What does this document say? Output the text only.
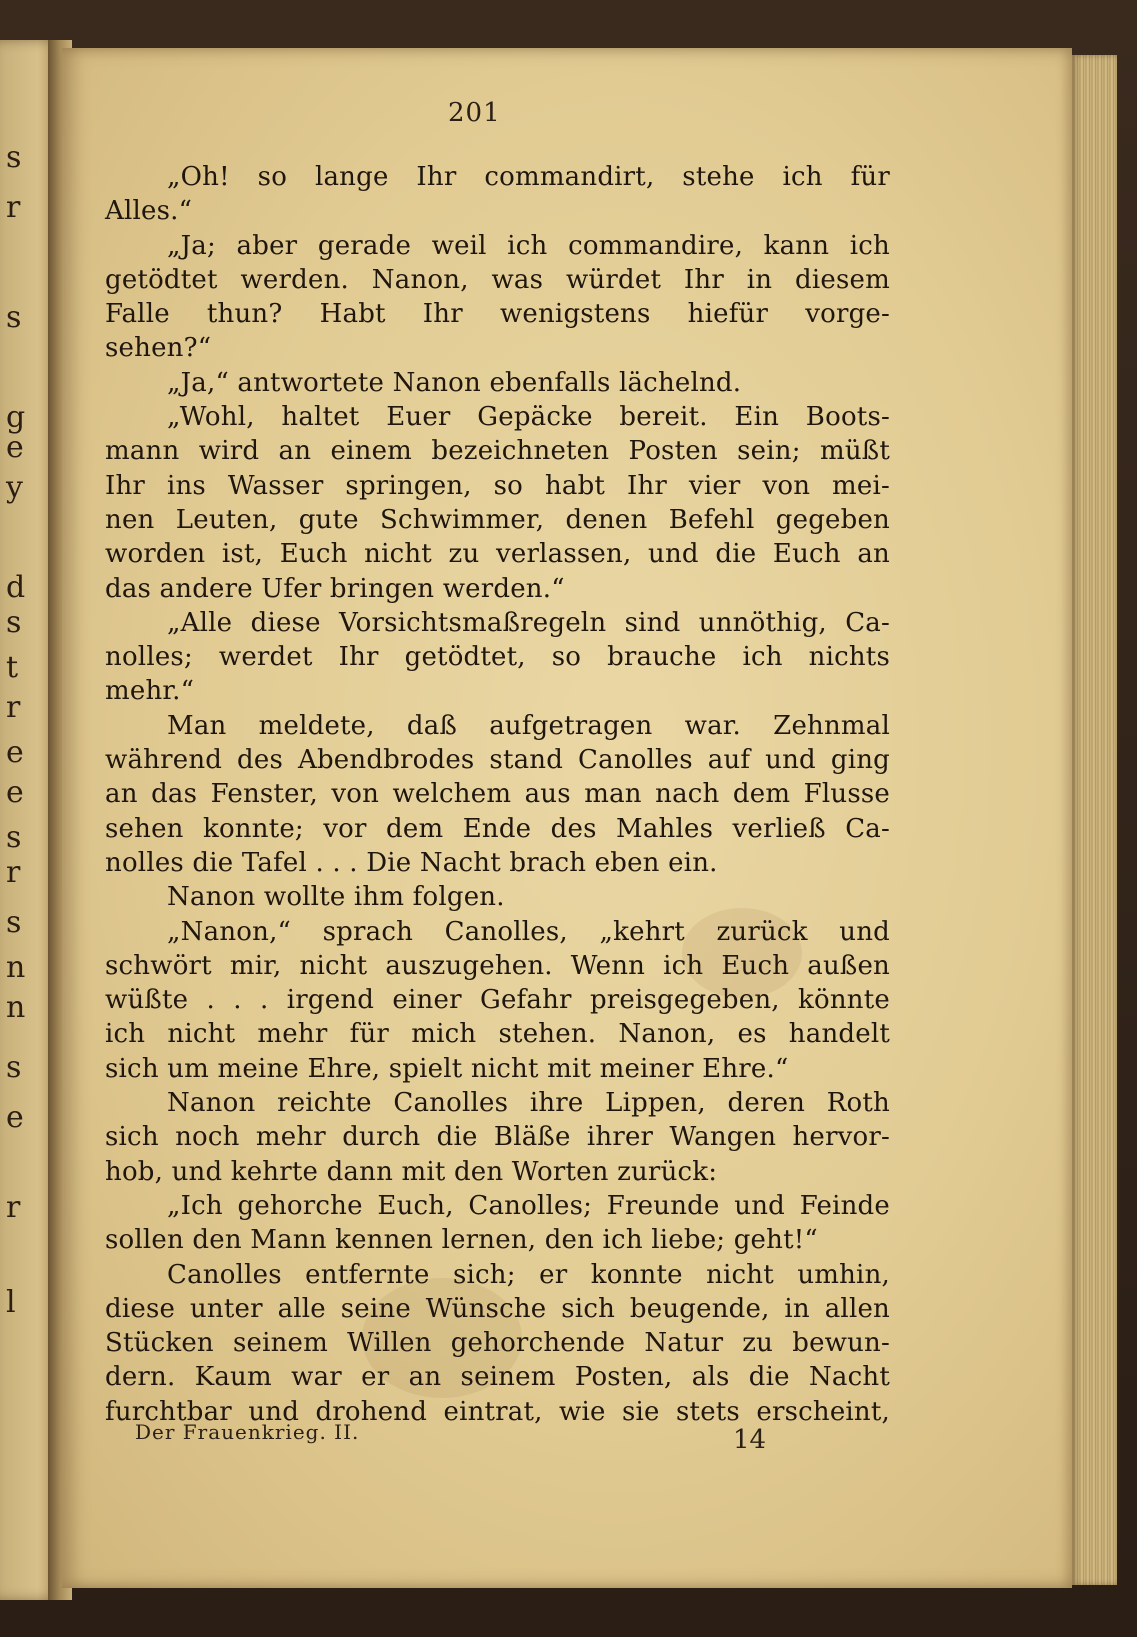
s
r
s
g
e
y
d
s
t
r
e
e
s
r
s
n
n
s
e
r
l
201
„Oh! so lange Ihr commandirt, stehe ich für
Alles.“
„Ja; aber gerade weil ich commandire, kann ich
getödtet werden. Nanon, was würdet Ihr in diesem
Falle thun? Habt Ihr wenigstens hiefür vorge-
sehen?“
„Ja,“ antwortete Nanon ebenfalls lächelnd.
„Wohl, haltet Euer Gepäcke bereit. Ein Boots-
mann wird an einem bezeichneten Posten sein; müßt
Ihr ins Wasser springen, so habt Ihr vier von mei-
nen Leuten, gute Schwimmer, denen Befehl gegeben
worden ist, Euch nicht zu verlassen, und die Euch an
das andere Ufer bringen werden.“
„Alle diese Vorsichtsmaßregeln sind unnöthig, Ca-
nolles; werdet Ihr getödtet, so brauche ich nichts
mehr.“
Man meldete, daß aufgetragen war. Zehnmal
während des Abendbrodes stand Canolles auf und ging
an das Fenster, von welchem aus man nach dem Flusse
sehen konnte; vor dem Ende des Mahles verließ Ca-
nolles die Tafel . . . Die Nacht brach eben ein.
Nanon wollte ihm folgen.
„Nanon,“ sprach Canolles, „kehrt zurück und
schwört mir, nicht auszugehen. Wenn ich Euch außen
wüßte . . . irgend einer Gefahr preisgegeben, könnte
ich nicht mehr für mich stehen. Nanon, es handelt
sich um meine Ehre, spielt nicht mit meiner Ehre.“
Nanon reichte Canolles ihre Lippen, deren Roth
sich noch mehr durch die Bläße ihrer Wangen hervor-
hob, und kehrte dann mit den Worten zurück:
„Ich gehorche Euch, Canolles; Freunde und Feinde
sollen den Mann kennen lernen, den ich liebe; geht!“
Canolles entfernte sich; er konnte nicht umhin,
diese unter alle seine Wünsche sich beugende, in allen
Stücken seinem Willen gehorchende Natur zu bewun-
dern. Kaum war er an seinem Posten, als die Nacht
furchtbar und drohend eintrat, wie sie stets erscheint,
Der Frauenkrieg. II.	14
